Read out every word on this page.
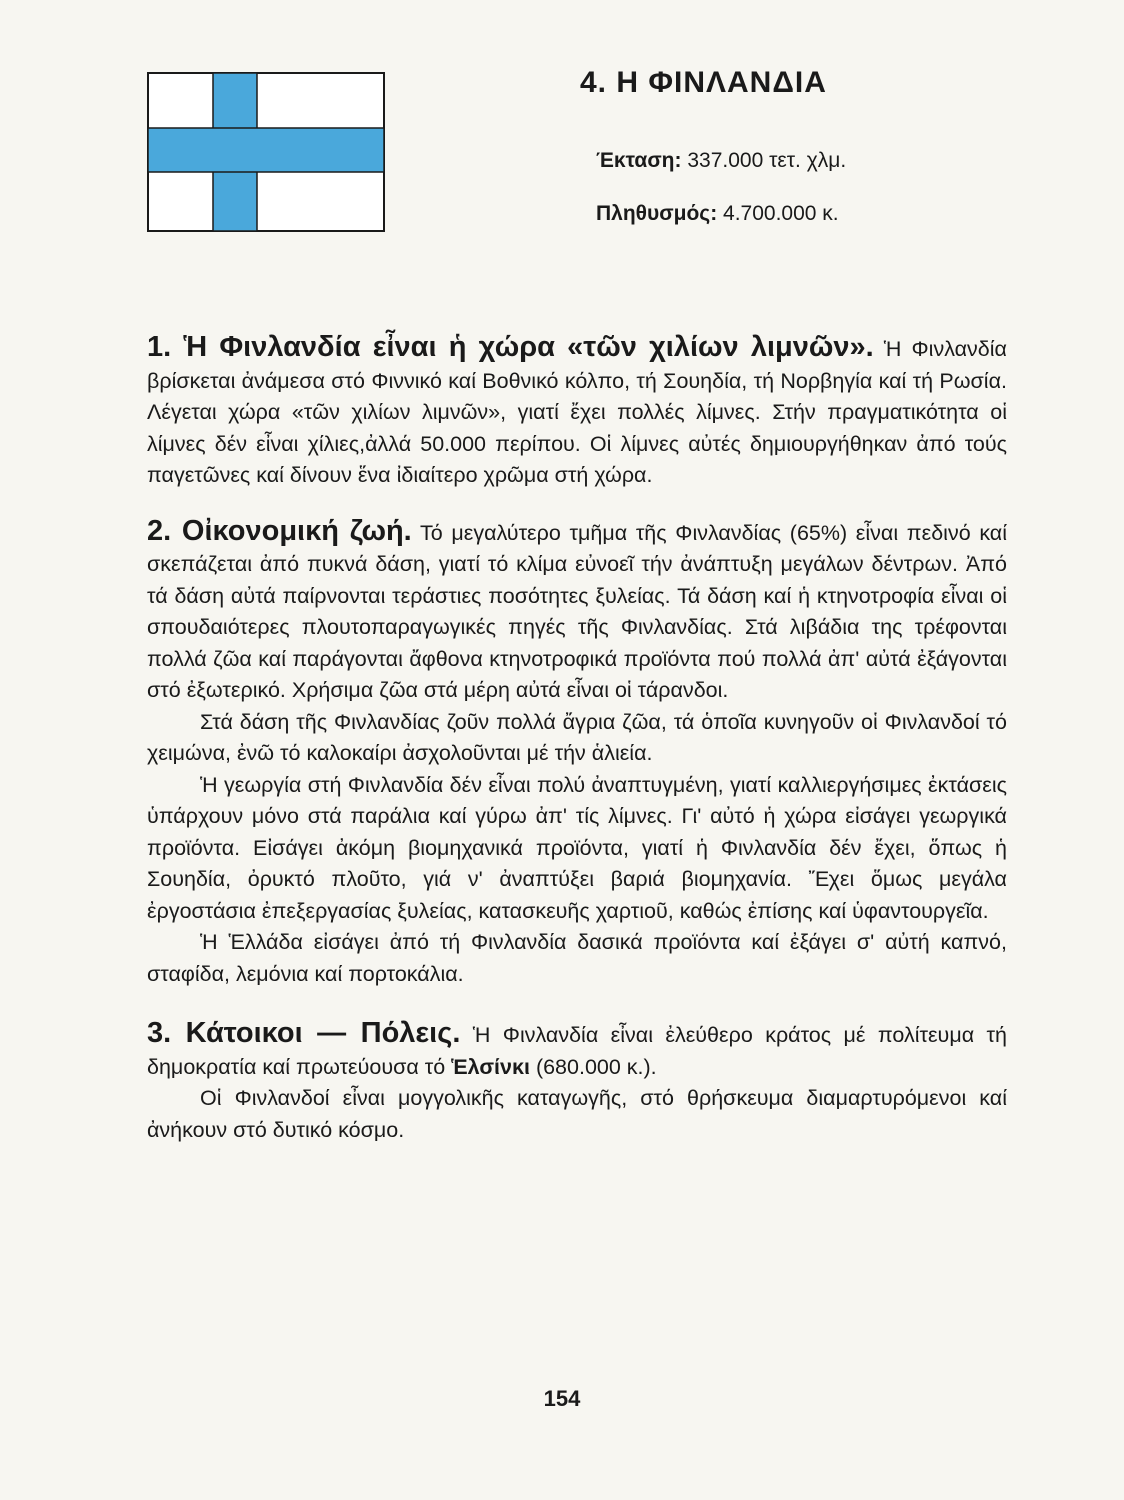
4. Η ΦΙΝΛΑΝΔΙΑ

Έκταση: 337.000 τετ. χλμ.

Πληθυσμός: 4.700.000 κ.

1. Ἡ Φινλανδία εἶναι ἡ χώρα «τῶν χιλίων λιμνῶν». Ἡ Φινλανδία βρίσκεται ἀνάμεσα στό Φιννικό καί Βοθνικό κόλπο, τή Σουηδία, τή Νορβηγία καί τή Ρωσία. Λέγεται χώρα «τῶν χιλίων λιμνῶν», γιατί ἔχει πολλές λίμνες. Στήν πραγματικότητα οἱ λίμνες δέν εἶναι χίλιες,ἀλλά 50.000 περίπου. Οἱ λίμνες αὐτές δημιουργήθηκαν ἀπό τούς παγετῶνες καί δίνουν ἕνα ἰδιαίτερο χρῶμα στή χώρα.

2. Οἰκονομική ζωή. Τό μεγαλύτερο τμῆμα τῆς Φινλανδίας (65%) εἶναι πεδινό καί σκεπάζεται ἀπό πυκνά δάση, γιατί τό κλίμα εὐνοεῖ τήν ἀνάπτυξη μεγάλων δέντρων. Ἀπό τά δάση αὐτά παίρνονται τεράστιες ποσότητες ξυλείας. Τά δάση καί ἡ κτηνοτροφία εἶναι οἱ σπουδαιότερες πλουτοπαραγωγικές πηγές τῆς Φινλανδίας. Στά λιβάδια της τρέφονται πολλά ζῶα καί παράγονται ἄφθονα κτηνοτροφικά προϊόντα πού πολλά ἀπ' αὐτά ἐξάγονται στό ἐξωτερικό. Χρήσιμα ζῶα στά μέρη αὐτά εἶναι οἱ τάρανδοι.

Στά δάση τῆς Φινλανδίας ζοῦν πολλά ἄγρια ζῶα, τά ὁποῖα κυνηγοῦν οἱ Φινλανδοί τό χειμώνα, ἐνῶ τό καλοκαίρι ἀσχολοῦνται μέ τήν ἁλιεία.

Ἡ γεωργία στή Φινλανδία δέν εἶναι πολύ ἀναπτυγμένη, γιατί καλλιεργήσιμες ἐκτάσεις ὑπάρχουν μόνο στά παράλια καί γύρω ἀπ' τίς λίμνες. Γι' αὐτό ἡ χώρα εἰσάγει γεωργικά προϊόντα. Εἰσάγει ἀκόμη βιομηχανικά προϊόντα, γιατί ἡ Φινλανδία δέν ἔχει, ὅπως ἡ Σουηδία, ὀρυκτό πλοῦτο, γιά ν' ἀναπτύξει βαριά βιομηχανία. Ἔχει ὅμως μεγάλα ἐργοστάσια ἐπεξεργασίας ξυλείας, κατασκευῆς χαρτιοῦ, καθώς ἐπίσης καί ὑφαντουργεῖα.

Ἡ Ἑλλάδα εἰσάγει ἀπό τή Φινλανδία δασικά προϊόντα καί ἐξάγει σ' αὐτή καπνό, σταφίδα, λεμόνια καί πορτοκάλια.

3. Κάτοικοι — Πόλεις. Ἡ Φινλανδία εἶναι ἐλεύθερο κράτος μέ πολίτευμα τή δημοκρατία καί πρωτεύουσα τό Ἑλσίνκι (680.000 κ.).

Οἱ Φινλανδοί εἶναι μογγολικῆς καταγωγῆς, στό θρήσκευμα διαμαρτυρόμενοι καί ἀνήκουν στό δυτικό κόσμο.

154
